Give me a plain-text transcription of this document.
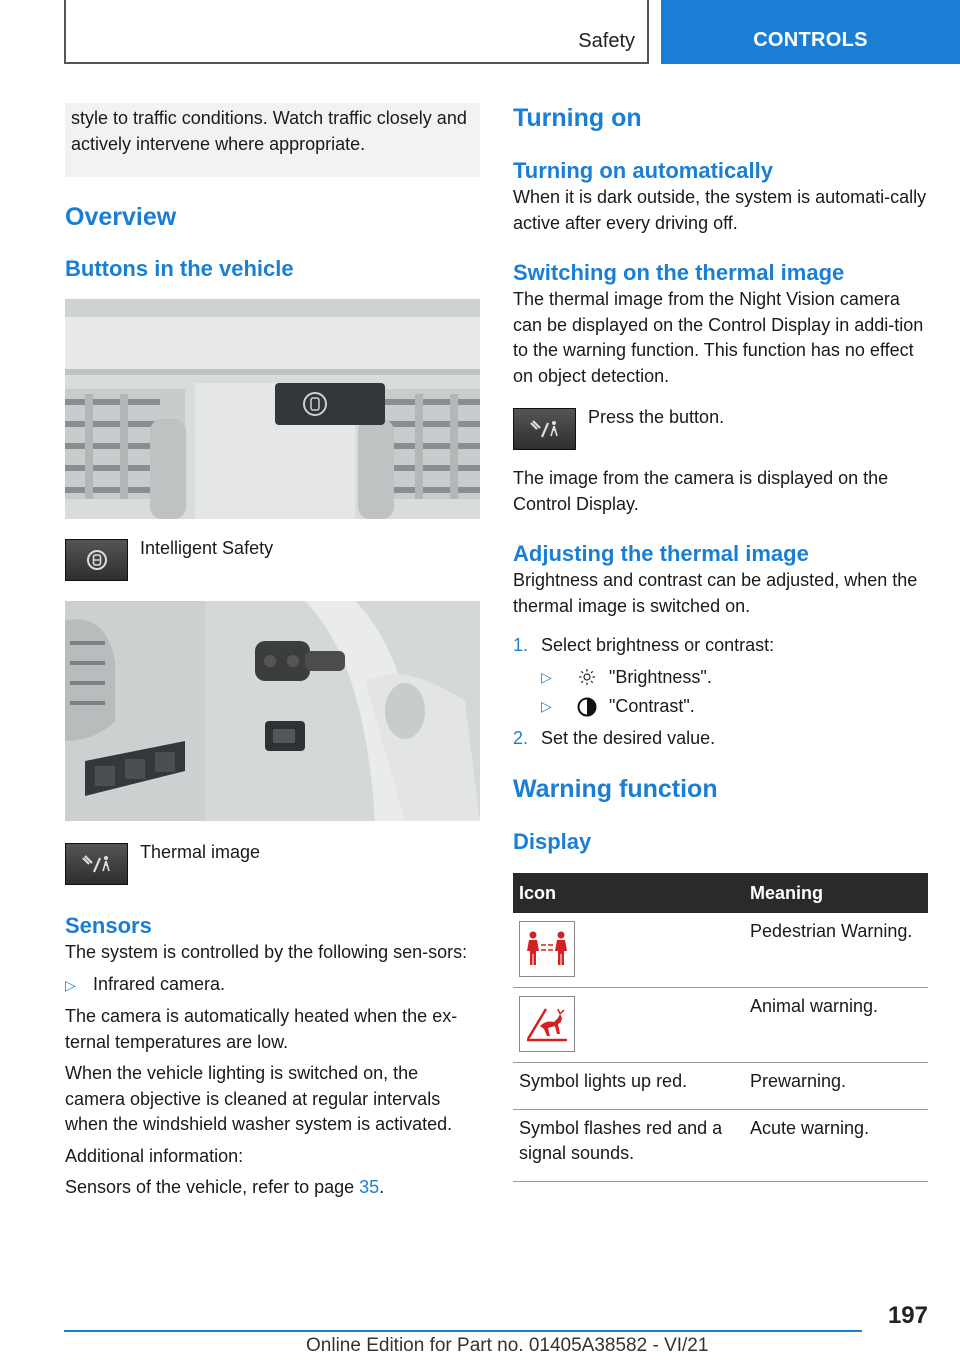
Safety	CONTROLS
style to traffic conditions. Watch traffic closely and actively intervene where appropriate.
Overview
Buttons in the vehicle
Intelligent Safety
Thermal image
Sensors

The system is controlled by the following sen‐sors:

▷ Infrared camera.

The camera is automatically heated when the ex‐ternal temperatures are low.

When the vehicle lighting is switched on, the camera objective is cleaned at regular intervals when the windshield washer system is activated.

Additional information:

Sensors of the vehicle, refer to page 35.

Turning on
Turning on automatically

When it is dark outside, the system is automati‐cally active after every driving off.

Switching on the thermal image

The thermal image from the Night Vision camera can be displayed on the Control Display in addi‐tion to the warning function. This function has no effect on object detection.

Press the button.

The image from the camera is displayed on the Control Display.

Adjusting the thermal image

Brightness and contrast can be adjusted, when the thermal image is switched on.

1. Select brightness or contrast:
▷	"Brightness".
▷	"Contrast".
2. Set the desired value.
Warning function
Display
Icon	Meaning

	Pedestrian Warning.

	Animal warning.
Symbol lights up red.	Prewarning.
Symbol flashes red and a signal sounds.	Acute warning.
197
Online Edition for Part no. 01405A38582 - VI/21
